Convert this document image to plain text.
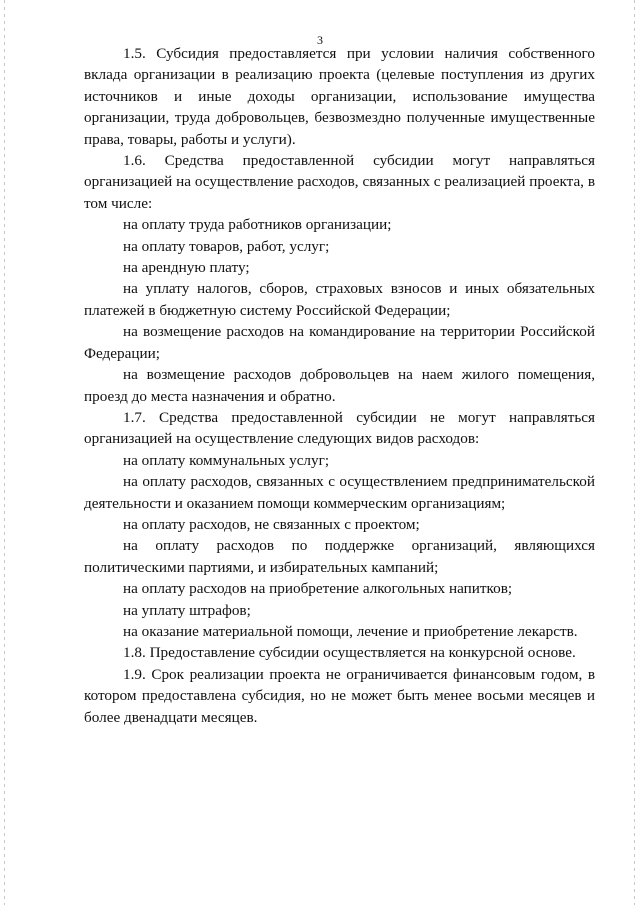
3

1.5. Субсидия предоставляется при условии наличия собственного вклада организации в реализацию проекта (целевые поступления из других источников и иные доходы организации, использование имущества организации, труда добровольцев, безвозмездно полученные имущественные права, товары, работы и услуги).

1.6. Средства предоставленной субсидии могут направляться организацией на осуществление расходов, связанных с реализацией проекта, в том числе:

на оплату труда работников организации;

на оплату товаров, работ, услуг;

на арендную плату;

на уплату налогов, сборов, страховых взносов и иных обязательных платежей в бюджетную систему Российской Федерации;

на возмещение расходов на командирование на территории Российской Федерации;

на возмещение расходов добровольцев на наем жилого помещения, проезд до места назначения и обратно.

1.7. Средства предоставленной субсидии не могут направляться организацией на осуществление следующих видов расходов:

на оплату коммунальных услуг;

на оплату расходов, связанных с осуществлением предпринимательской деятельности и оказанием помощи коммерческим организациям;

на оплату расходов, не связанных с проектом;

на оплату расходов по поддержке организаций, являющихся политическими партиями, и избирательных кампаний;

на оплату расходов на приобретение алкогольных напитков;

на уплату штрафов;

на оказание материальной помощи, лечение и приобретение лекарств.

1.8. Предоставление субсидии осуществляется на конкурсной основе.

1.9. Срок реализации проекта не ограничивается финансовым годом, в котором предоставлена субсидия, но не может быть менее восьми месяцев и более двенадцати месяцев.
